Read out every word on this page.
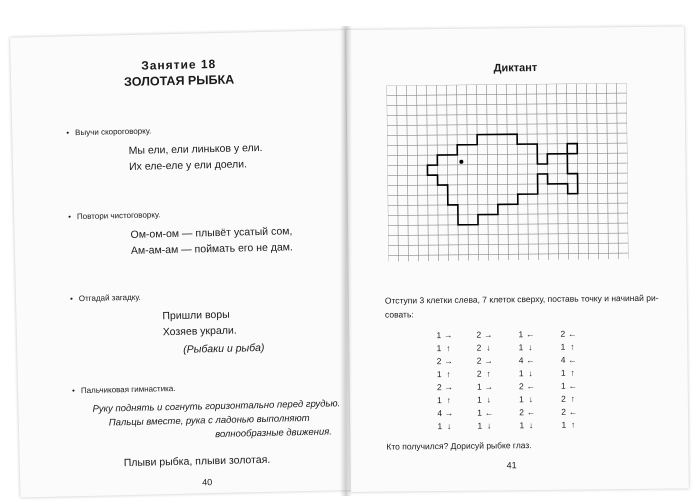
Занятие 18
ЗОЛОТАЯ РЫБКА
• Выучи скороговорку.
Мы ели, ели линьков у ели.
Их еле-еле у ели доели.
• Повтори чистоговорку.
Ом-ом-ом — плывёт усатый сом,
Ам-ам-ам — поймать его не дам.
• Отгадай загадку.
Пришли воры
Хозяев украли.
(Рыбаки и рыба)
• Пальчиковая гимнастика.
Руку поднять и согнуть горизонтально перед грудью.
Пальцы вместе, рука с ладонью выполняют
волнообразные движения.
Плыви рыбка, плыви золотая.
40
Диктант
Отступи 3 клетки слева, 7 клеток сверху, поставь точку и начинай ри-
совать:
1 →
1 ↑
2 →
1 ↑
2 →
1 ↑
4 →
1 ↓
2 →
2 ↓
2 →
2 ↑
1 →
1 ↓
1 ←
1 ↓
1 ←
1 ↓
4 ←
1 ↓
2 ←
1 ↓
2 ←
1 ↓
2 ←
1 ↑
4 ←
1 ↑
1 ←
2 ↑
2 ←
1 ↑
Кто получился? Дорисуй рыбке глаз.
41
